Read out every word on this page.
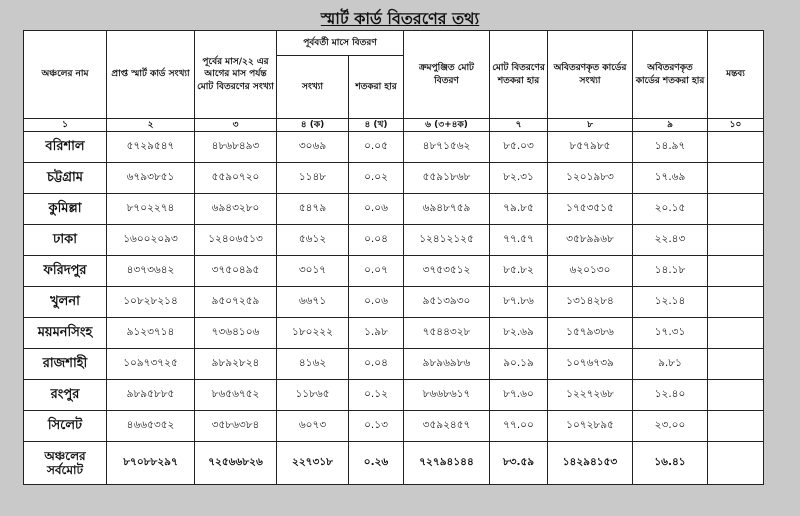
স্মার্ট কার্ড বিতরণের তথ্য
অঞ্চলের নাম	প্রাপ্ত স্মার্ট কার্ড সংখ্যা	পূর্বের মাস/২২ এর আগের মাস পর্যন্ত মোট বিতরণের সংখ্যা	পূর্ববর্তী মাসে বিতরণ		ক্রমপুঞ্জিত মোট বিতরণ	মোট বিতরণের শতকরা হার	অবিতরণকৃত কার্ডের সংখ্যা	অবিতরণকৃত কার্ডের শতকরা হার	মন্তব্য
			সংখ্যা	শতকরা হার					
১	২	৩	৪ (ক)	৪ (খ)	৬ (৩+৪ক)	৭	৮	৯	১০
বরিশাল	৫৭২৯৫৪৭	৪৮৬৮৪৯৩	৩০৬৯	০.০৫	৪৮৭১৫৬২	৮৫.০৩	৮৫৭৯৮৫	১৪.৯৭	
চট্টগ্রাম	৬৭৯৩৮৫১	৫৫৯০৭২০	১১৪৮	০.০২	৫৫৯১৮৬৮	৮২.৩১	১২০১৯৮৩	১৭.৬৯	
কুমিল্লা	৮৭০২২৭৪	৬৯৪৩২৮০	৫৪৭৯	০.০৬	৬৯৪৮৭৫৯	৭৯.৮৫	১৭৫৩৫১৫	২০.১৫	
ঢাকা	১৬০০২০৯৩	১২৪০৬৫১৩	৫৬১২	০.০৪	১২৪১২১২৫	৭৭.৫৭	৩৫৮৯৯৬৮	২২.৪৩	
ফরিদপুর	৪৩৭৩৬৪২	৩৭৫০৪৯৫	৩০১৭	০.০৭	৩৭৫৩৫১২	৮৫.৮২	৬২০১৩০	১৪.১৮	
খুলনা	১০৮২৮২১৪	৯৫০৭২৫৯	৬৬৭১	০.০৬	৯৫১৩৯৩০	৮৭.৮৬	১৩১৪২৮৪	১২.১৪	
ময়মনসিংহ	৯১২৩৭১৪	৭৩৬৪১০৬	১৮০২২২	১.৯৮	৭৫৪৪৩২৮	৮২.৬৯	১৫৭৯৩৮৬	১৭.৩১	
রাজশাহী	১০৯৭৩৭২৫	৯৮৯২৮২৪	৪১৬২	০.০৪	৯৮৯৬৯৮৬	৯০.১৯	১০৭৬৭৩৯	৯.৮১	
রংপুর	৯৮৯৫৮৮৫	৮৬৫৬৭৫২	১১৮৬৫	০.১২	৮৬৬৮৬১৭	৮৭.৬০	১২২৭২৬৮	১২.৪০	
সিলেট	৪৬৬৫৩৫২	৩৫৮৬৩৮৪	৬০৭৩	০.১৩	৩৫৯২৪৫৭	৭৭.০০	১০৭২৮৯৫	২৩.০০	
অঞ্চলের সর্বমোট	৮৭০৮৮২৯৭	৭২৫৬৬৮২৬	২২৭৩১৮	০.২৬	৭২৭৯৪১৪৪	৮৩.৫৯	১৪২৯৪১৫৩	১৬.৪১	
